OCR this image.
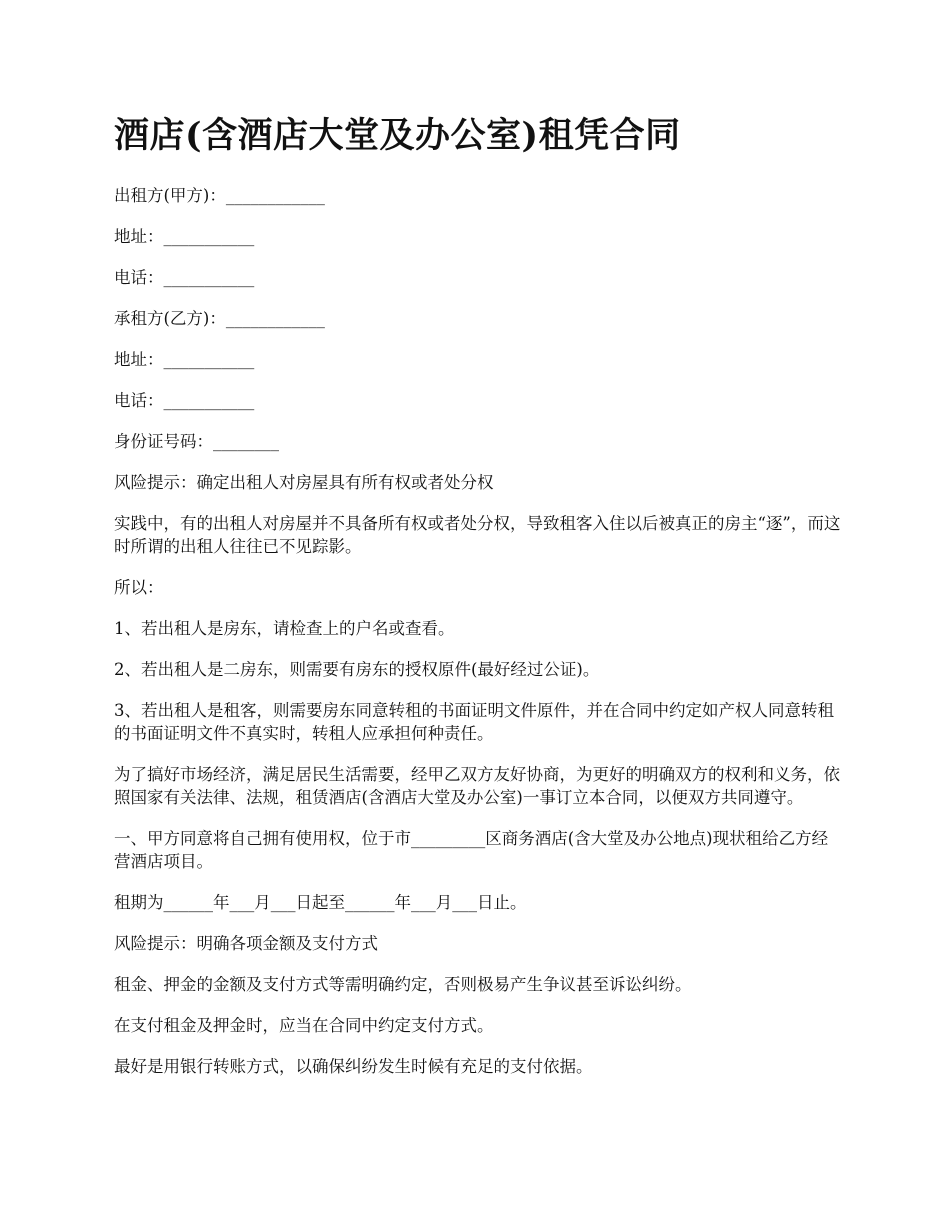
酒店(含酒店大堂及办公室)租凭合同

出租方(甲方)：____________

地址：___________

电话：___________

承租方(乙方)：____________

地址：___________

电话：___________

身份证号码：________

风险提示：确定出租人对房屋具有所有权或者处分权

实践中，有的出租人对房屋并不具备所有权或者处分权，导致租客入住以后被真正的房主“逐”，而这时所谓的出租人往往已不见踪影。

所以：

1、若出租人是房东，请检查上的户名或查看。

2、若出租人是二房东，则需要有房东的授权原件(最好经过公证)。

3、若出租人是租客，则需要房东同意转租的书面证明文件原件，并在合同中约定如产权人同意转租的书面证明文件不真实时，转租人应承担何种责任。

为了搞好市场经济，满足居民生活需要，经甲乙双方友好协商，为更好的明确双方的权利和义务，依照国家有关法律、法规，租赁酒店(含酒店大堂及办公室)一事订立本合同，以便双方共同遵守。

一、甲方同意将自己拥有使用权，位于市_________区商务酒店(含大堂及办公地点)现状租给乙方经营酒店项目。

租期为______年___月___日起至______年___月___日止。

风险提示：明确各项金额及支付方式

租金、押金的金额及支付方式等需明确约定，否则极易产生争议甚至诉讼纠纷。

在支付租金及押金时，应当在合同中约定支付方式。

最好是用银行转账方式，以确保纠纷发生时候有充足的支付依据。
